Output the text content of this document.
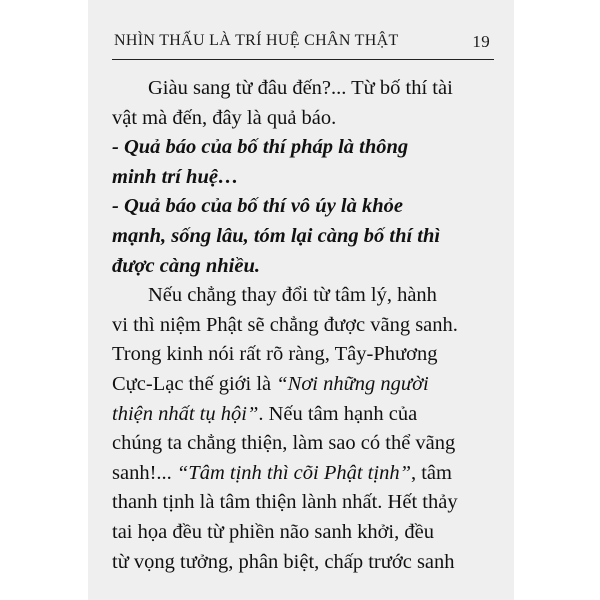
NHÌN THẤU LÀ TRÍ HUỆ CHÂN THẬT	19
Giàu sang từ đâu đến?... Từ bố thí tài
vật mà đến, đây là quả báo.
- Quả báo của bố thí pháp là thông
minh trí huệ…
- Quả báo của bố thí vô úy là khỏe
mạnh, sống lâu, tóm lại càng bố thí thì
được càng nhiều.
Nếu chẳng thay đổi từ tâm lý, hành
vi thì niệm Phật sẽ chẳng được vãng sanh.
Trong kinh nói rất rõ ràng, Tây-Phương
Cực-Lạc thế giới là “Nơi những người
thiện nhất tụ hội”. Nếu tâm hạnh của
chúng ta chẳng thiện, làm sao có thể vãng
sanh!... “Tâm tịnh thì cõi Phật tịnh”, tâm
thanh tịnh là tâm thiện lành nhất. Hết thảy
tai họa đều từ phiền não sanh khởi, đều
từ vọng tưởng, phân biệt, chấp trước sanh
